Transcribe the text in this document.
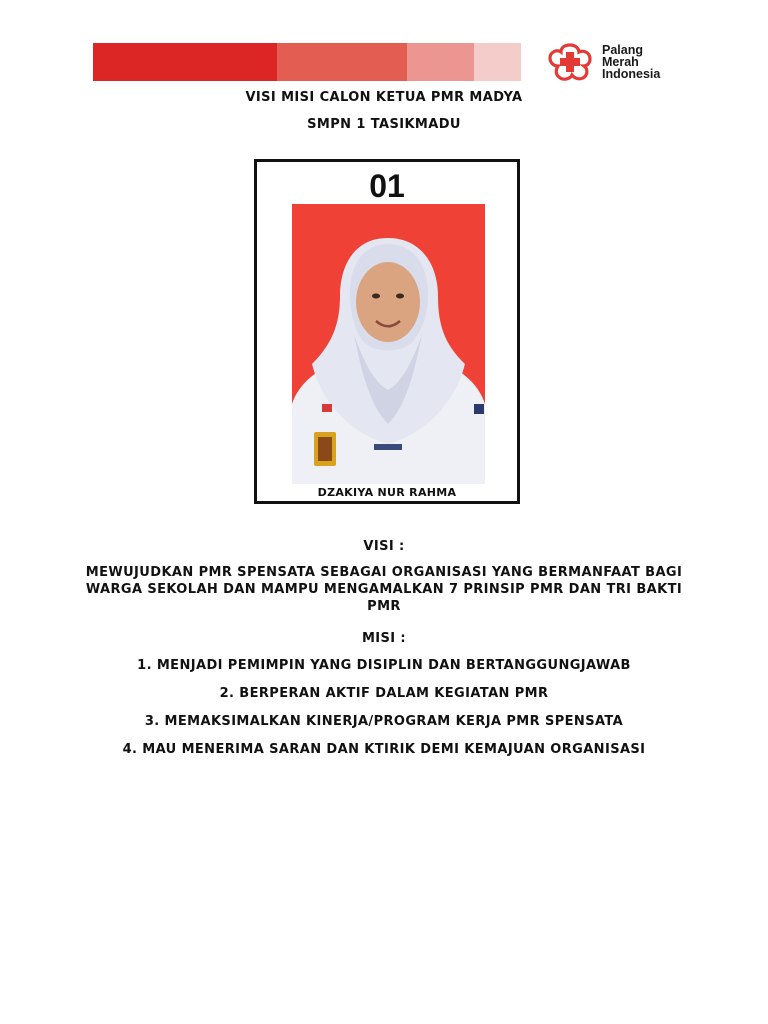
Palang
Merah
Indonesia
VISI MISI CALON KETUA PMR MADYA
SMPN 1 TASIKMADU
01
DZAKIYA NUR RAHMA
VISI :
MEWUJUDKAN PMR SPENSATA SEBAGAI ORGANISASI YANG BERMANFAAT BAGI WARGA SEKOLAH DAN MAMPU MENGAMALKAN 7 PRINSIP PMR DAN TRI BAKTI PMR
MISI :
1. MENJADI PEMIMPIN YANG DISIPLIN DAN BERTANGGUNGJAWAB
2. BERPERAN AKTIF DALAM KEGIATAN PMR
3. MEMAKSIMALKAN KINERJA/PROGRAM KERJA PMR SPENSATA
4. MAU MENERIMA SARAN DAN KTIRIK DEMI KEMAJUAN ORGANISASI
